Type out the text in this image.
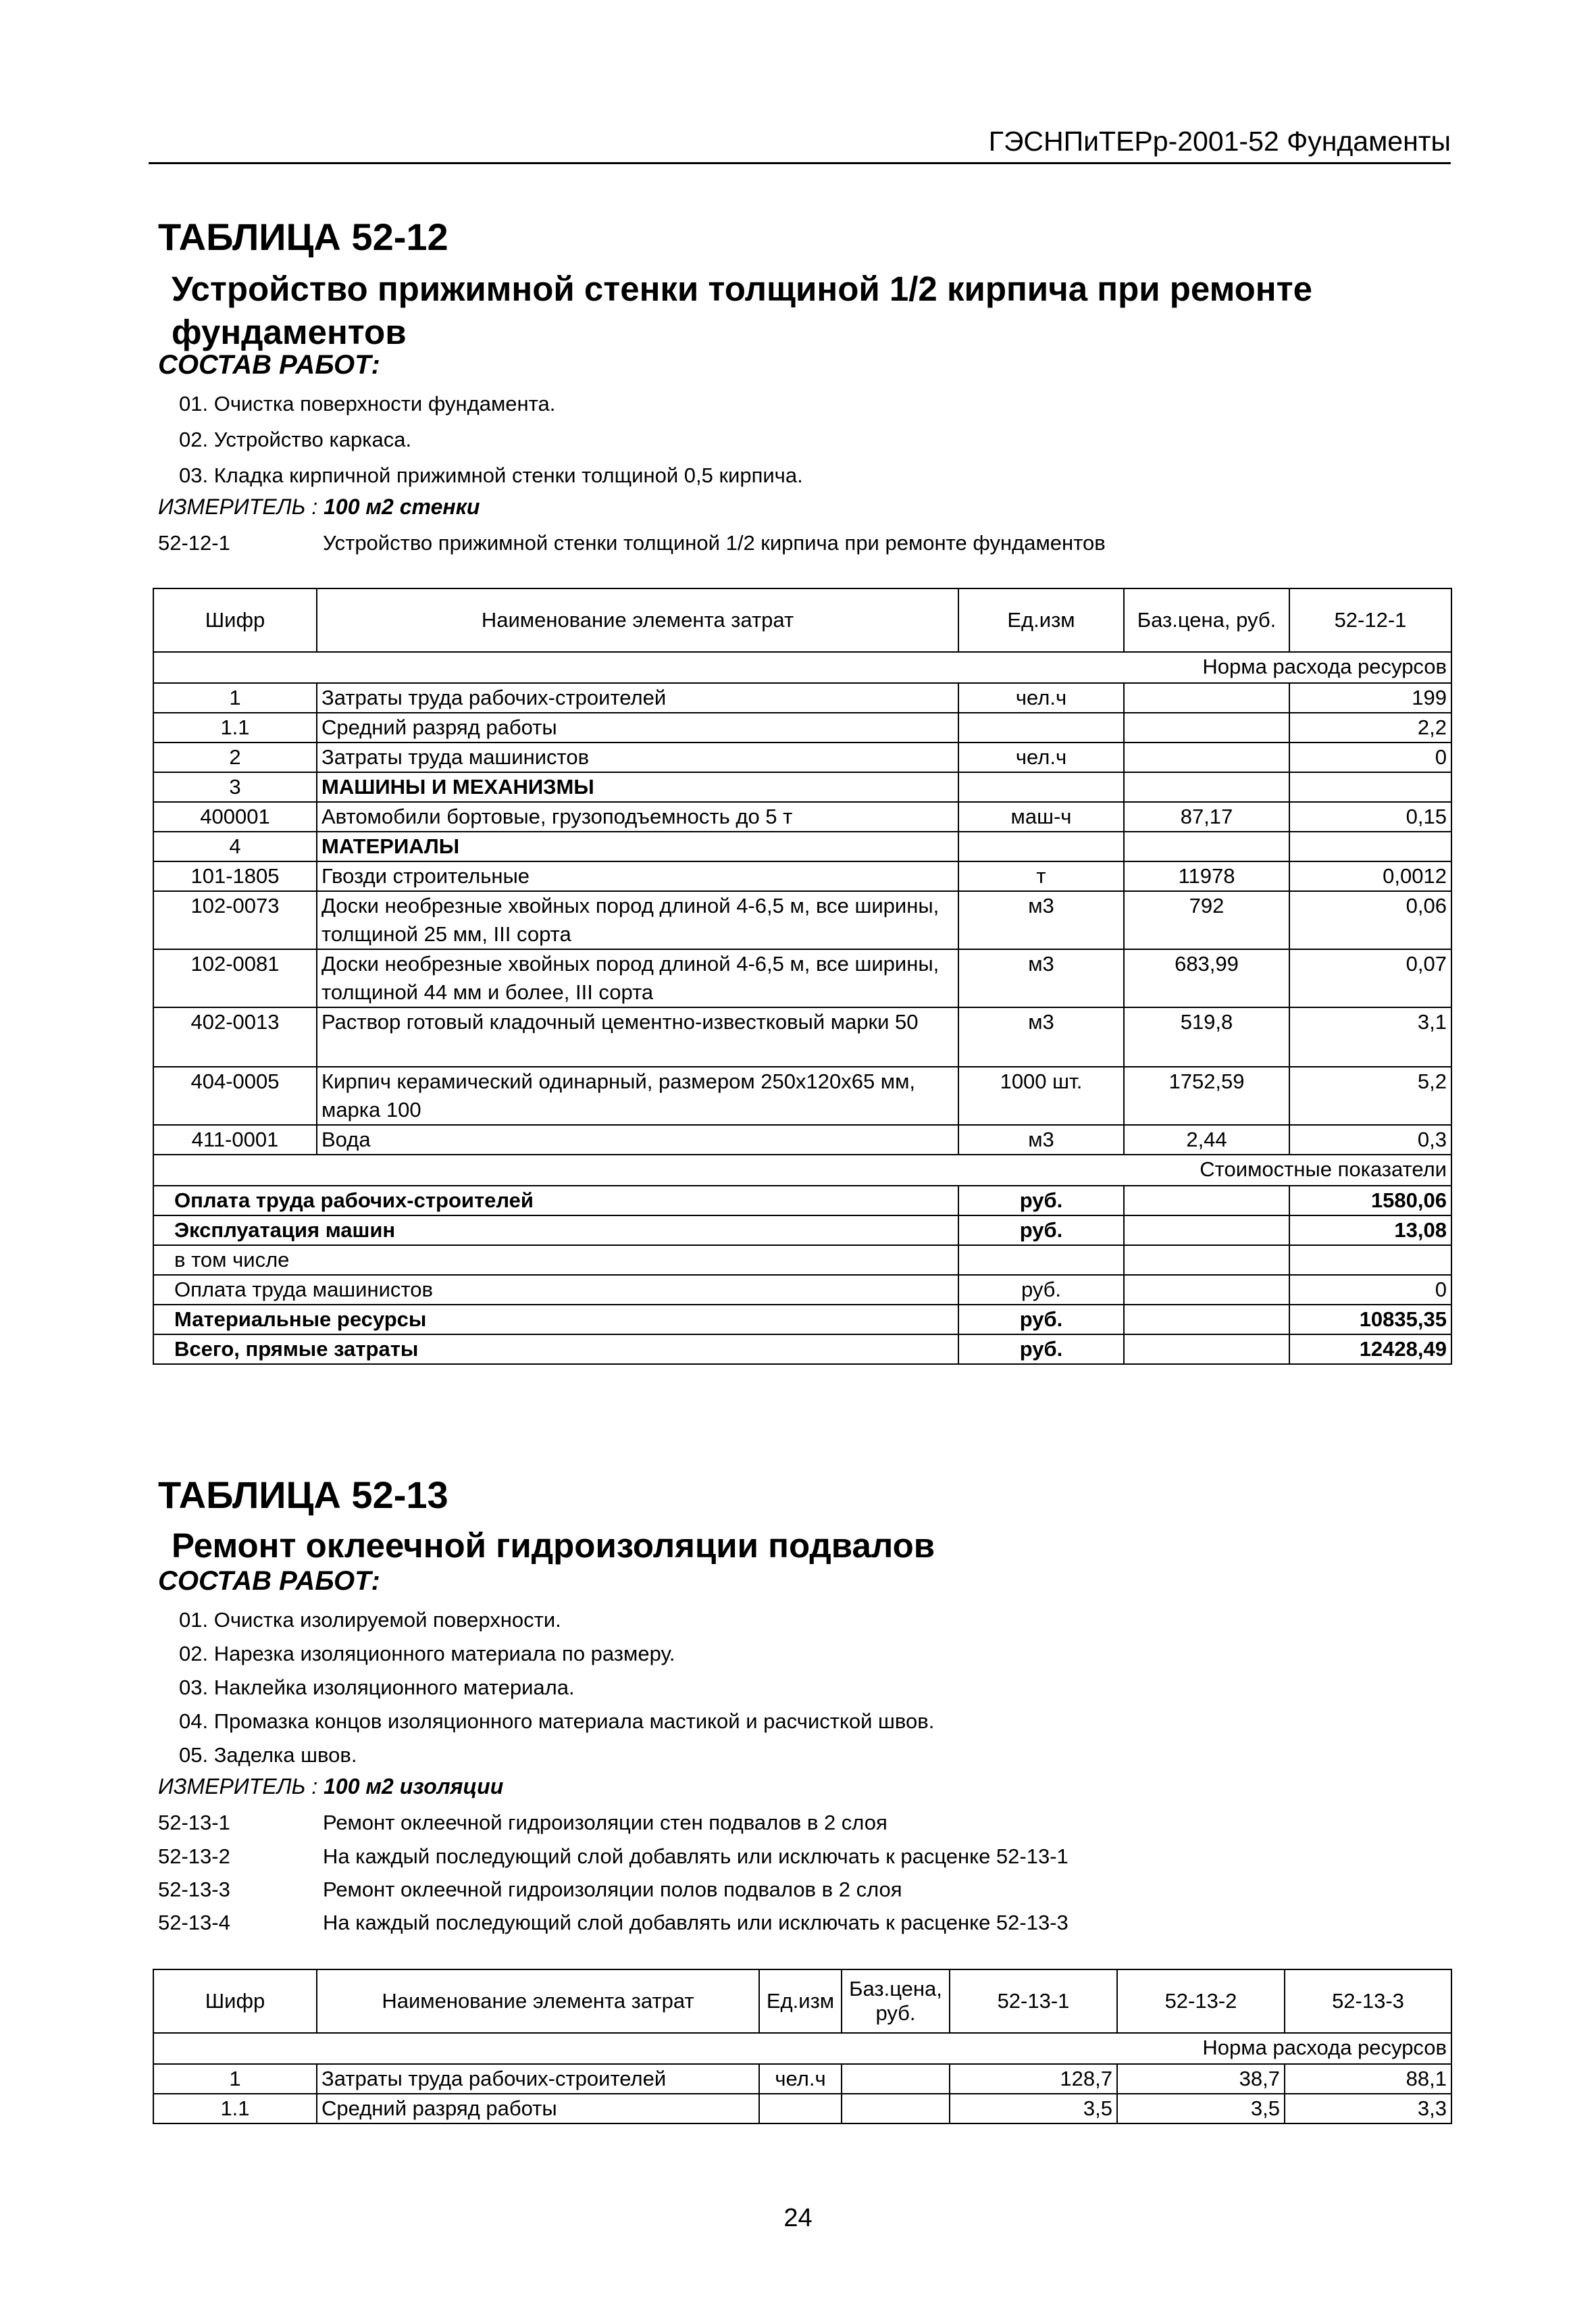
ГЭСНПиТЕРр-2001-52 Фундаменты
ТАБЛИЦА 52-12
Устройство прижимной стенки толщиной 1/2 кирпича при ремонте фундаментов
СОСТАВ РАБОТ:
01. Очистка поверхности фундамента.
02. Устройство каркаса.
03. Кладка кирпичной прижимной стенки толщиной 0,5 кирпича.
ИЗМЕРИТЕЛЬ : 100 м2 стенки
52-12-1	Устройство прижимной стенки толщиной 1/2 кирпича при ремонте фундаментов
Шифр	Наименование элемента затрат	Ед.изм	Баз.цена, руб.	52-12-1
Норма расхода ресурсов				
1	Затраты труда рабочих-строителей	чел.ч		199
1.1	Средний разряд работы			2,2
2	Затраты труда машинистов	чел.ч		0
3	МАШИНЫ И МЕХАНИЗМЫ			
400001	Автомобили бортовые, грузоподъемность до 5 т	маш-ч	87,17	0,15
4	МАТЕРИАЛЫ			
101-1805	Гвозди строительные	т	11978	0,0012
102-0073	Доски необрезные хвойных пород длиной 4-6,5 м, все ширины, толщиной 25 мм, III сорта	м3	792	0,06
102-0081	Доски необрезные хвойных пород длиной 4-6,5 м, все ширины, толщиной 44 мм и более, III сорта	м3	683,99	0,07
402-0013	Раствор готовый кладочный цементно-известковый марки 50	м3	519,8	3,1
404-0005	Кирпич керамический одинарный, размером 250х120х65 мм, марка 100	1000 шт.	1752,59	5,2
411-0001	Вода	м3	2,44	0,3
Стоимостные показатели				
Оплата труда рабочих-строителей		руб.		1580,06
Эксплуатация машин		руб.		13,08
в том числе				
Оплата труда машинистов		руб.		0
Материальные ресурсы		руб.		10835,35
Всего, прямые затраты		руб.		12428,49
ТАБЛИЦА 52-13
Ремонт оклеечной гидроизоляции подвалов
СОСТАВ РАБОТ:
01. Очистка изолируемой поверхности.
02. Нарезка изоляционного материала по размеру.
03. Наклейка изоляционного материала.
04. Промазка концов изоляционного материала мастикой и расчисткой швов.
05. Заделка швов.
ИЗМЕРИТЕЛЬ : 100 м2 изоляции
52-13-1	Ремонт оклеечной гидроизоляции стен подвалов в 2 слоя
52-13-2	На каждый последующий слой добавлять или исключать к расценке 52-13-1
52-13-3	Ремонт оклеечной гидроизоляции полов подвалов в 2 слоя
52-13-4	На каждый последующий слой добавлять или исключать к расценке 52-13-3
Шифр	Наименование элемента затрат	Ед.изм	Баз.цена, руб.	52-13-1	52-13-2	52-13-3
Норма расхода ресурсов						
1	Затраты труда рабочих-строителей	чел.ч		128,7	38,7	88,1
1.1	Средний разряд работы			3,5	3,5	3,3
24
